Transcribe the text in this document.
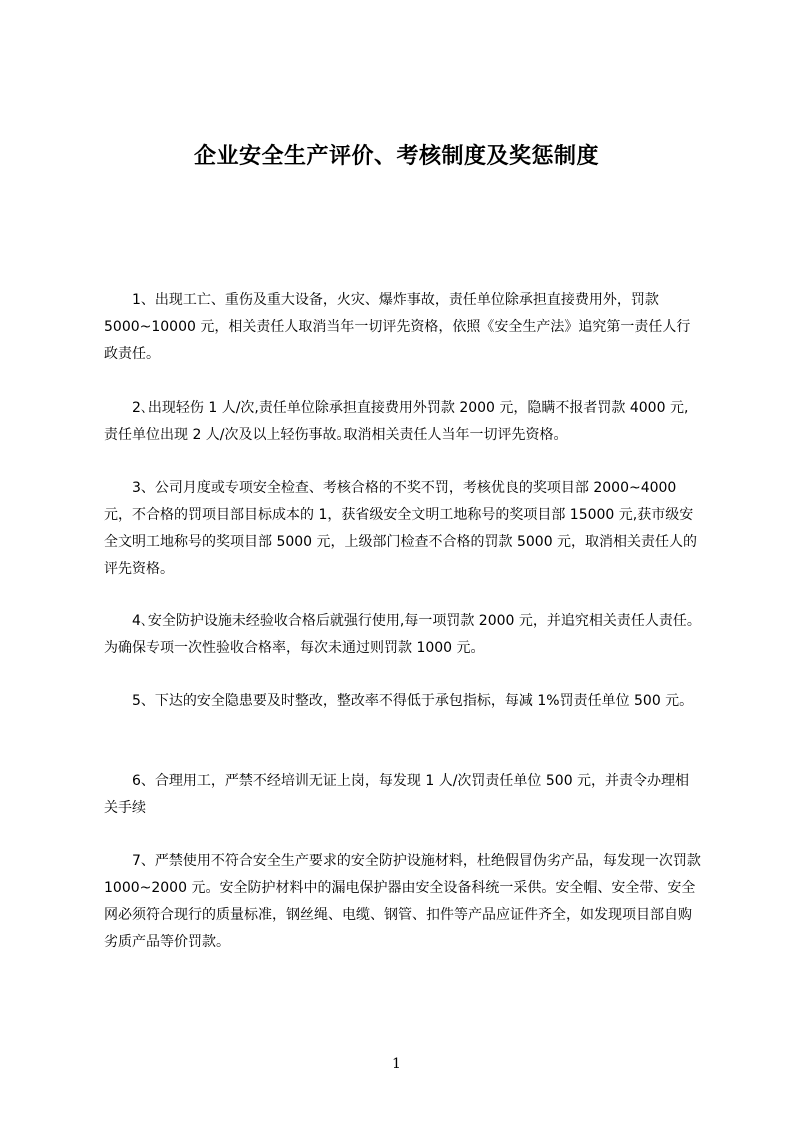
企业安全生产评价、考核制度及奖惩制度

1、出现工亡、重伤及重大设备，火灾、爆炸事故，责任单位除承担直接费用外，罚款 5000~10000 元，相关责任人取消当年一切评先资格，依照《安全生产法》追究第一责任人行政责任。

2､出现轻伤 1 人/次,责任单位除承担直接费用外罚款 2000 元，隐瞒不报者罚款 4000 元,责任单位出现 2 人/次及以上轻伤事故｡取消相关责任人当年一切评先资格。

3、公司月度或专项安全检查、考核合格的不奖不罚，考核优良的奖项目部 2000~4000 元，不合格的罚项目部目标成本的 1，获省级安全文明工地称号的奖项目部 15000 元,获市级安全文明工地称号的奖项目部 5000 元，上级部门检查不合格的罚款 5000 元，取消相关责任人的评先资格。

4､安全防护设施未经验收合格后就强行使用,每一项罚款 2000 元，并追究相关责任人责任。为确保专项一次性验收合格率，每次未通过则罚款 1000 元。

5、下达的安全隐患要及时整改，整改率不得低于承包指标，每减 1%罚责任单位 500 元。

6、合理用工，严禁不经培训无证上岗，每发现 1 人/次罚责任单位 500 元，并责令办理相关手续

7、严禁使用不符合安全生产要求的安全防护设施材料，杜绝假冒伪劣产品，每发现一次罚款 1000~2000 元。安全防护材料中的漏电保护器由安全设备科统一采供。安全帽、安全带、安全网必须符合现行的质量标准，钢丝绳、电缆、钢管、扣件等产品应证件齐全，如发现项目部自购劣质产品等价罚款。

1
